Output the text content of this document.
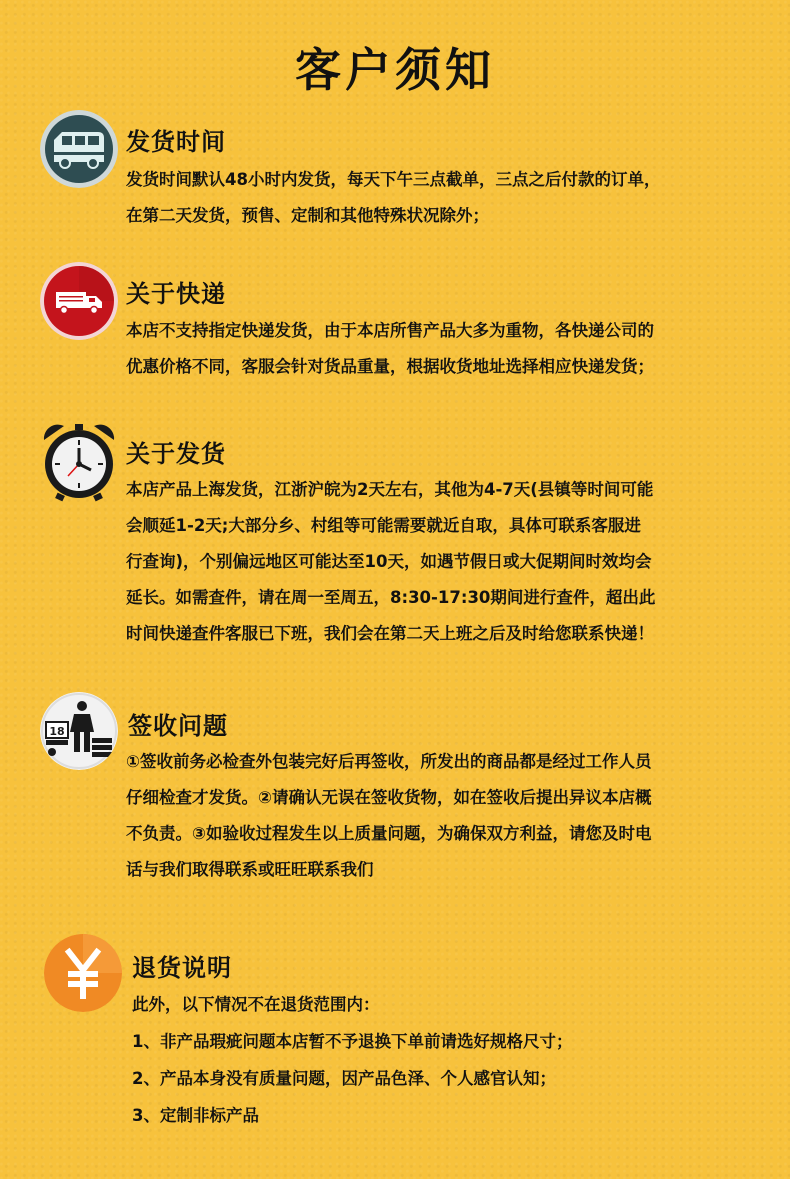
客户须知
发货时间
发货时间默认48小时内发货，每天下午三点截单，三点之后付款的订单，
在第二天发货，预售、定制和其他特殊状况除外；
关于快递
本店不支持指定快递发货，由于本店所售产品大多为重物，各快递公司的
优惠价格不同，客服会针对货品重量，根据收货地址选择相应快递发货；
关于发货
本店产品上海发货，江浙沪皖为2天左右，其他为4-7天(县镇等时间可能
会顺延1-2天;大部分乡、村组等可能需要就近自取，具体可联系客服进
行查询)，个别偏远地区可能达至10天，如遇节假日或大促期间时效均会
延长。如需查件，请在周一至周五，8:30-17:30期间进行查件，超出此
时间快递查件客服已下班，我们会在第二天上班之后及时给您联系快递！
18	签收问题
①签收前务必检查外包装完好后再签收，所发出的商品都是经过工作人员
仔细检查才发货。②请确认无误在签收货物，如在签收后提出异议本店概
不负责。③如验收过程发生以上质量问题，为确保双方利益，请您及时电
话与我们取得联系或旺旺联系我们
退货说明
此外，以下情况不在退货范围内：
1、非产品瑕疵问题本店暂不予退换下单前请选好规格尺寸；
2、产品本身没有质量问题，因产品色泽、个人感官认知；
3、定制非标产品
